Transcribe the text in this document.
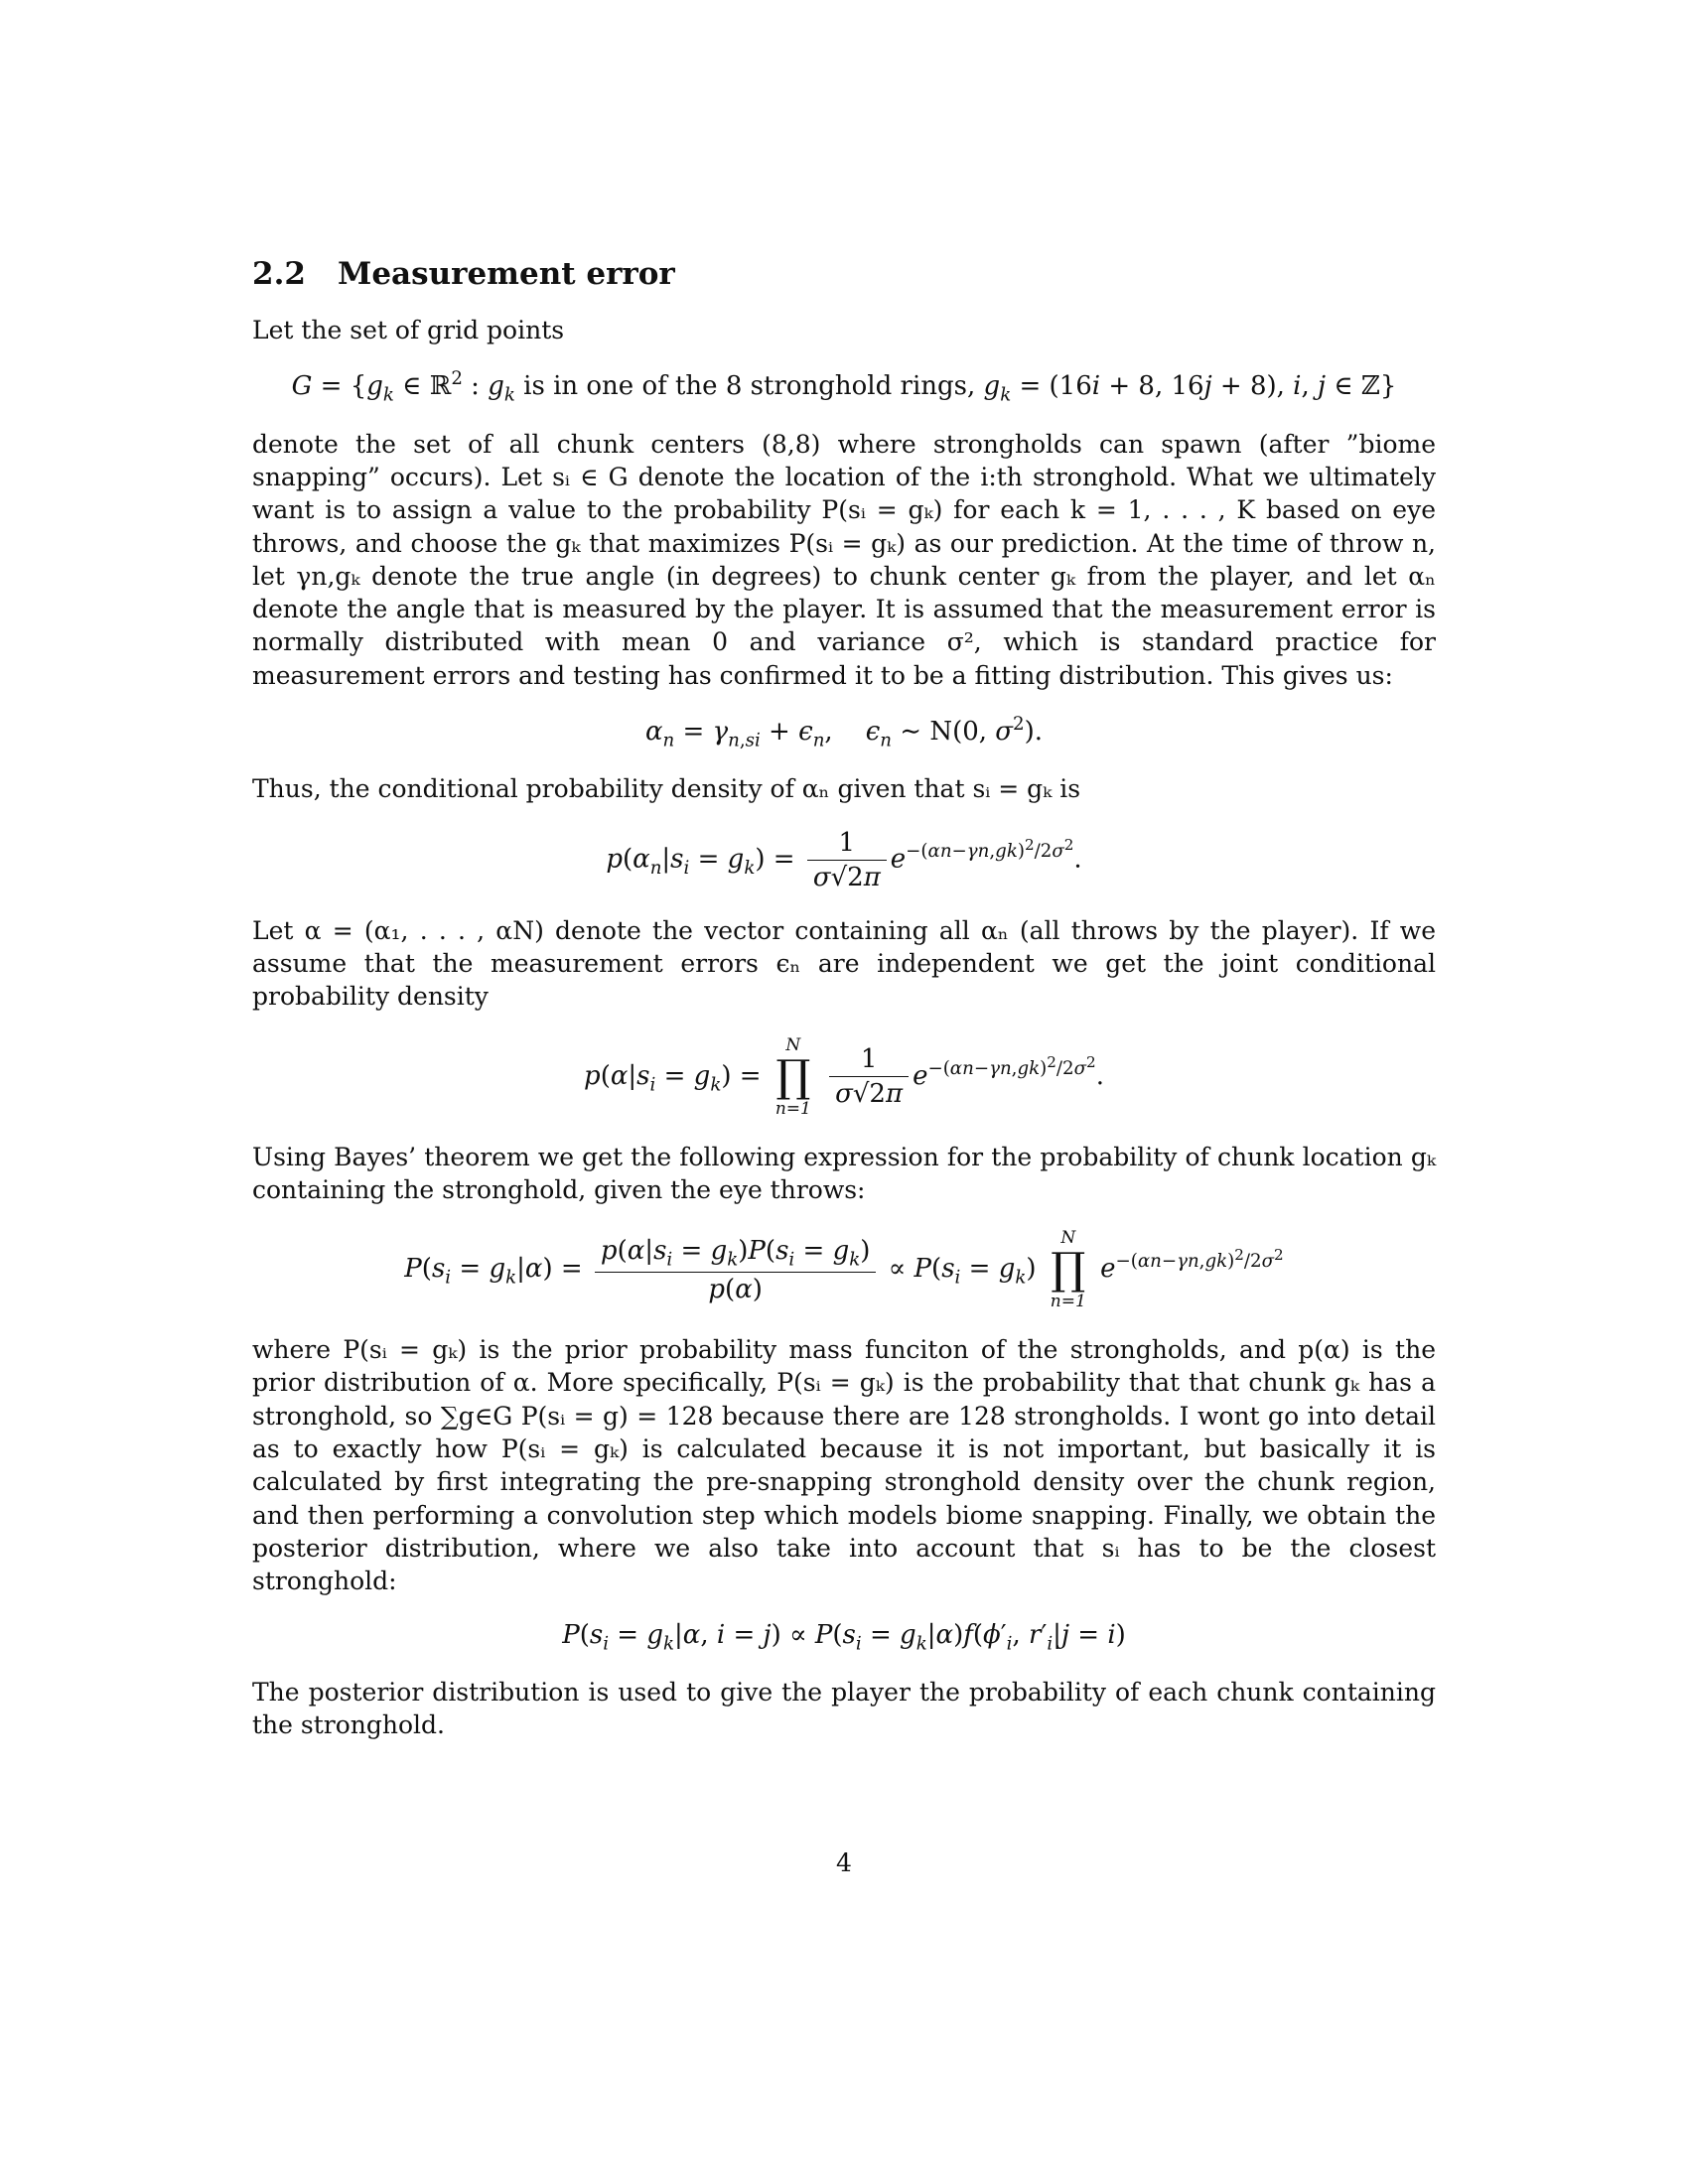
2.2	Measurement error

Let the set of grid points

$G = \{g_k$ ∈ ℝ$^2$ : $g_k$ is in one of the 8 stronghold rings, $g_k = (16i + 8$, 16j + 8), i, j ∈ ℤ}

denote the set of all chunk centers (8,8) where strongholds can spawn (after ”biome snapping” occurs). Let sᵢ ∈ G denote the location of the i:th stronghold. What we ultimately want is to assign a value to the probability P(sᵢ = gₖ) for each k = 1, . . . , K based on eye throws, and choose the gₖ that maximizes P(sᵢ = gₖ) as our prediction. At the time of throw n, let γn,gₖ denote the true angle (in degrees) to chunk center gₖ from the player, and let αₙ denote the angle that is measured by the player. It is assumed that the measurement error is normally distributed with mean 0 and variance σ², which is standard practice for measurement errors and testing has confirmed it to be a fitting distribution. This gives us:

$\alpha_n = \gamma_{n,si} + \epsilon_n$,    $\epsilon_n$ ∼ N(0, $\sigma^2$).

Thus, the conditional probability density of αₙ given that sᵢ = gₖ is

$p(\alpha_n|s_i = g_k) = \frac{1}{\sigma√2\pi} e^{-(\alpha n-\gamma n,gk)^2/2\sigma^2}$.

Let α = (α₁, . . . , αN) denote the vector containing all αₙ (all throws by the player). If we assume that the measurement errors ϵₙ are independent we get the joint conditional probability density

$p(\alpha|s_i = g_k)$ =
N
∏
n=1
$\frac{1}{\sigma√2\pi} e^{-(\alpha n-\gamma n,gk)^2/2\sigma^2}$.

Using Bayes’ theorem we get the following expression for the probability of chunk location gₖ containing the stronghold, given the eye throws:

$P(s_i = g_k|\alpha) = \frac{p(\alpha|s_i = g_k)P(s_i = g_k)}{p(\alpha)} \propto P(s_i = g_k)$
N
∏
n=1
$e^{-(\alpha n-\gamma n,gk)^2/2\sigma^2}$

where P(sᵢ = gₖ) is the prior probability mass funciton of the strongholds, and p(α) is the prior distribution of α. More specifically, P(sᵢ = gₖ) is the probability that that chunk gₖ has a stronghold, so ∑g∈G P(sᵢ = g) = 128 because there are 128 strongholds. I wont go into detail as to exactly how P(sᵢ = gₖ) is calculated because it is not important, but basically it is calculated by first integrating the pre-snapping stronghold density over the chunk region, and then performing a convolution step which models biome snapping. Finally, we obtain the posterior distribution, where we also take into account that sᵢ has to be the closest stronghold:

$P(s_i = g_k|\alpha$, $i = j) \propto P(s_i = g_k|\alpha)f(\phi'_i$, $r'_i|j = i$)

The posterior distribution is used to give the player the probability of each chunk containing the stronghold.

4
